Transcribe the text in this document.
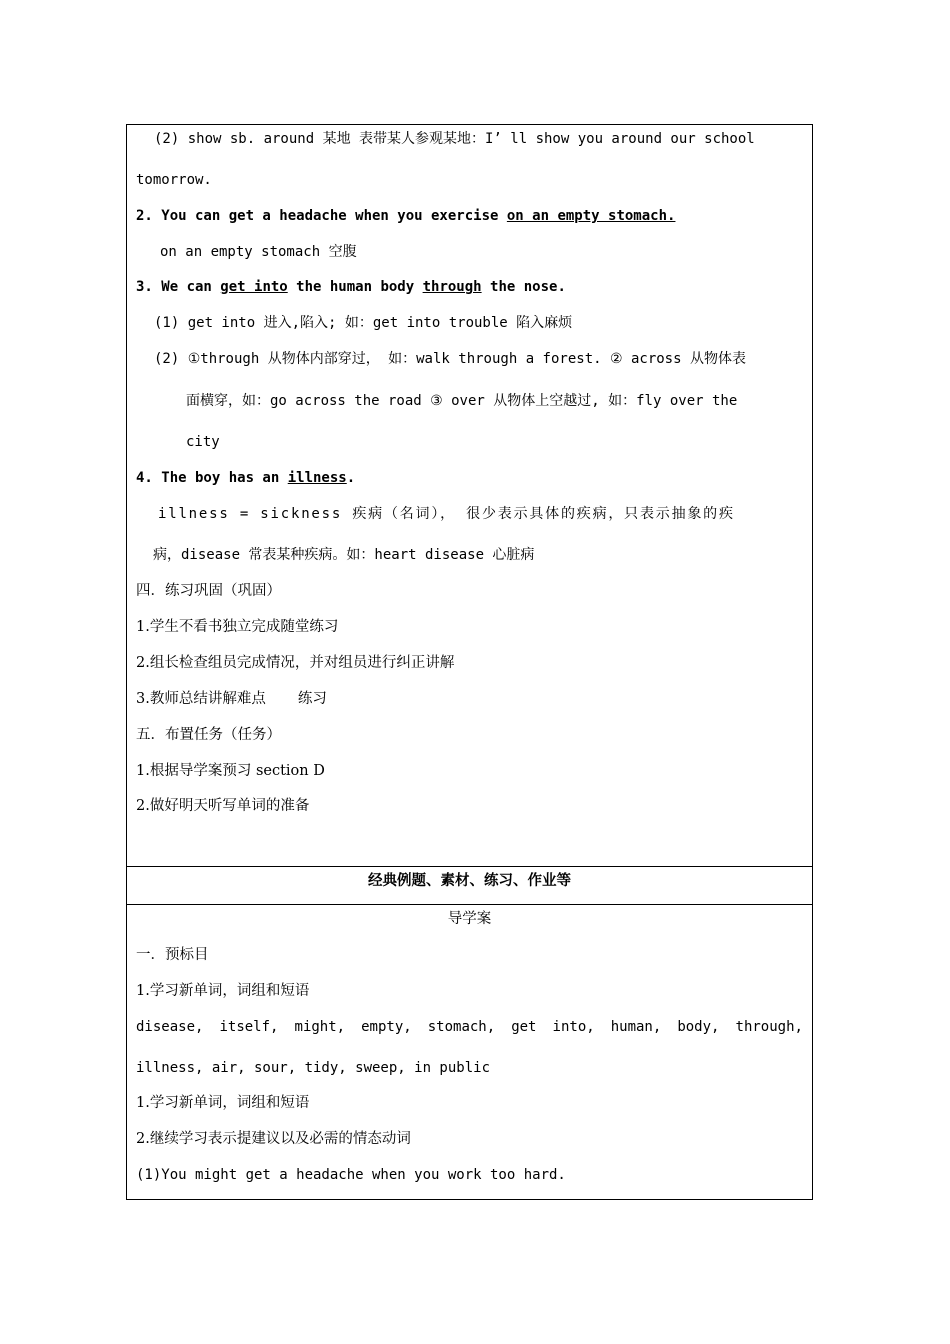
(2) show sb. around 某地 表带某人参观某地：I’ ll show you around our school
tomorrow.
2. You can get a headache when you exercise on an empty stomach.
on an empty stomach 空腹
3. We can get into the human body through the nose.
(1) get into 进入,陷入; 如：get into trouble 陷入麻烦
(2) ①through 从物体内部穿过， 如：walk through a forest. ② across 从物体表
面横穿，如：go across the road ③ over 从物体上空越过, 如：fly over the
city
4. The boy has an illness.
illness = sickness 疾病（名词）， 很少表示具体的疾病，只表示抽象的疾
病，disease 常表某种疾病。如：heart disease 心脏病
四．练习巩固（巩固）
1.学生不看书独立完成随堂练习
2.组长检查组员完成情况，并对组员进行纠正讲解
3.教师总结讲解难点 练习
五．布置任务（任务）
1.根据导学案预习 section D
2.做好明天听写单词的准备
经典例题、素材、练习、作业等
导学案
一．预标目
1.学习新单词，词组和短语
disease, itself, might, empty, stomach, get into, human, body, through,
illness, air, sour, tidy, sweep, in public
1.学习新单词，词组和短语
2.继续学习表示提建议以及必需的情态动词
(1)You might get a headache when you work too hard.
